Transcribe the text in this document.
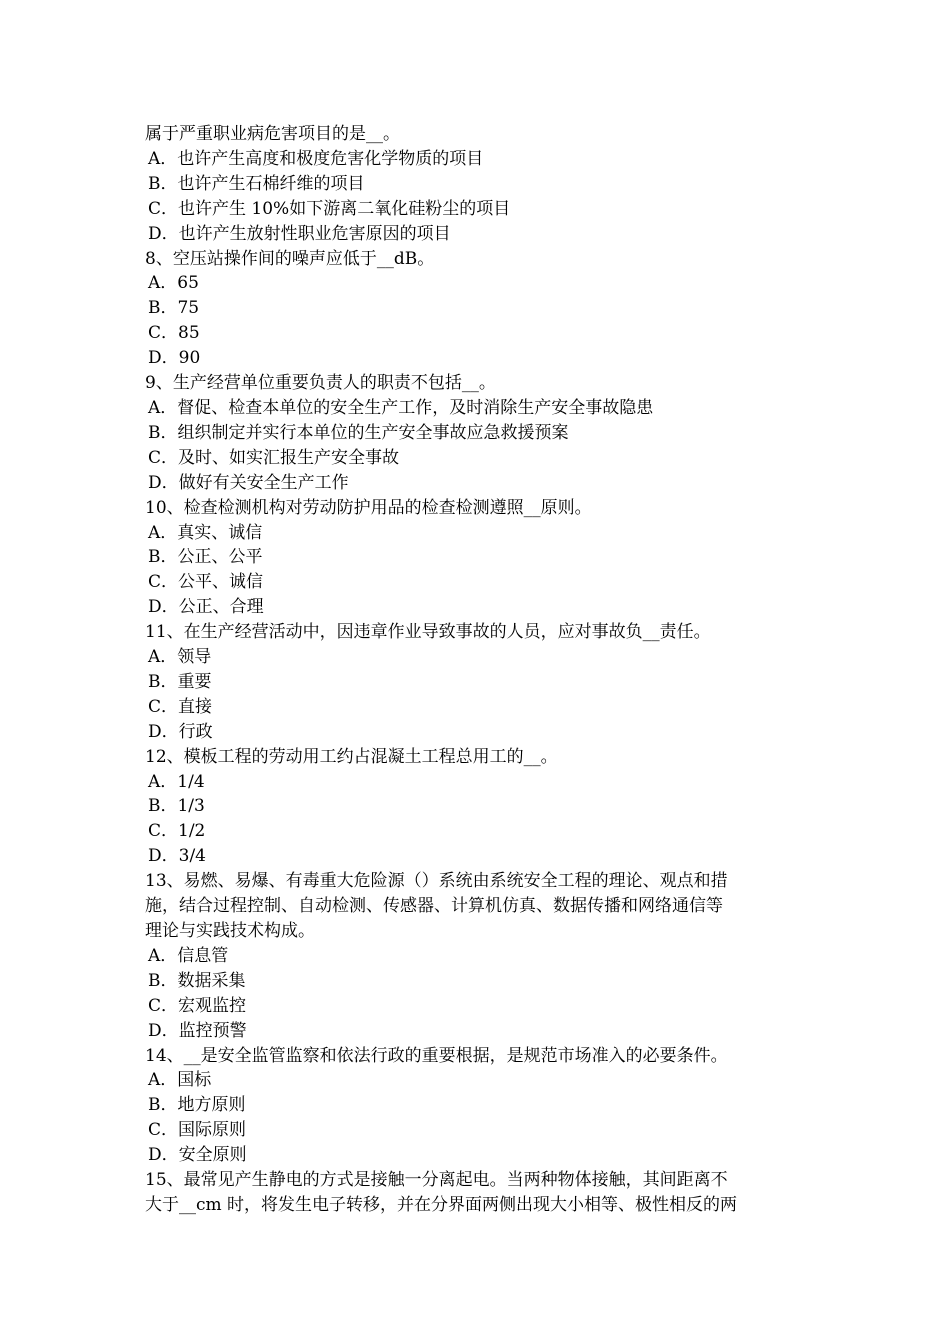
属于严重职业病危害项目的是__。
A．也许产生高度和极度危害化学物质的项目
B．也许产生石棉纤维的项目
C．也许产生 10%如下游离二氧化硅粉尘的项目
D．也许产生放射性职业危害原因的项目
8、空压站操作间的噪声应低于__dB。
A．65
B．75
C．85
D．90
9、生产经营单位重要负责人的职责不包括__。
A．督促、检查本单位的安全生产工作，及时消除生产安全事故隐患
B．组织制定并实行本单位的生产安全事故应急救援预案
C．及时、如实汇报生产安全事故
D．做好有关安全生产工作
10、检查检测机构对劳动防护用品的检查检测遵照__原则。
A．真实、诚信
B．公正、公平
C．公平、诚信
D．公正、合理
11、在生产经营活动中，因违章作业导致事故的人员，应对事故负__责任。
A．领导
B．重要
C．直接
D．行政
12、模板工程的劳动用工约占混凝土工程总用工的__。
A．1/4
B．1/3
C．1/2
D．3/4
13、易燃、易爆、有毒重大危险源（）系统由系统安全工程的理论、观点和措
施，结合过程控制、自动检测、传感器、计算机仿真、数据传播和网络通信等
理论与实践技术构成。
A．信息管
B．数据采集
C．宏观监控
D．监控预警
14、__是安全监管监察和依法行政的重要根据，是规范市场准入的必要条件。
A．国标
B．地方原则
C．国际原则
D．安全原则
15、最常见产生静电的方式是接触一分离起电。当两种物体接触，其间距离不
大于__cm 时，将发生电子转移，并在分界面两侧出现大小相等、极性相反的两
